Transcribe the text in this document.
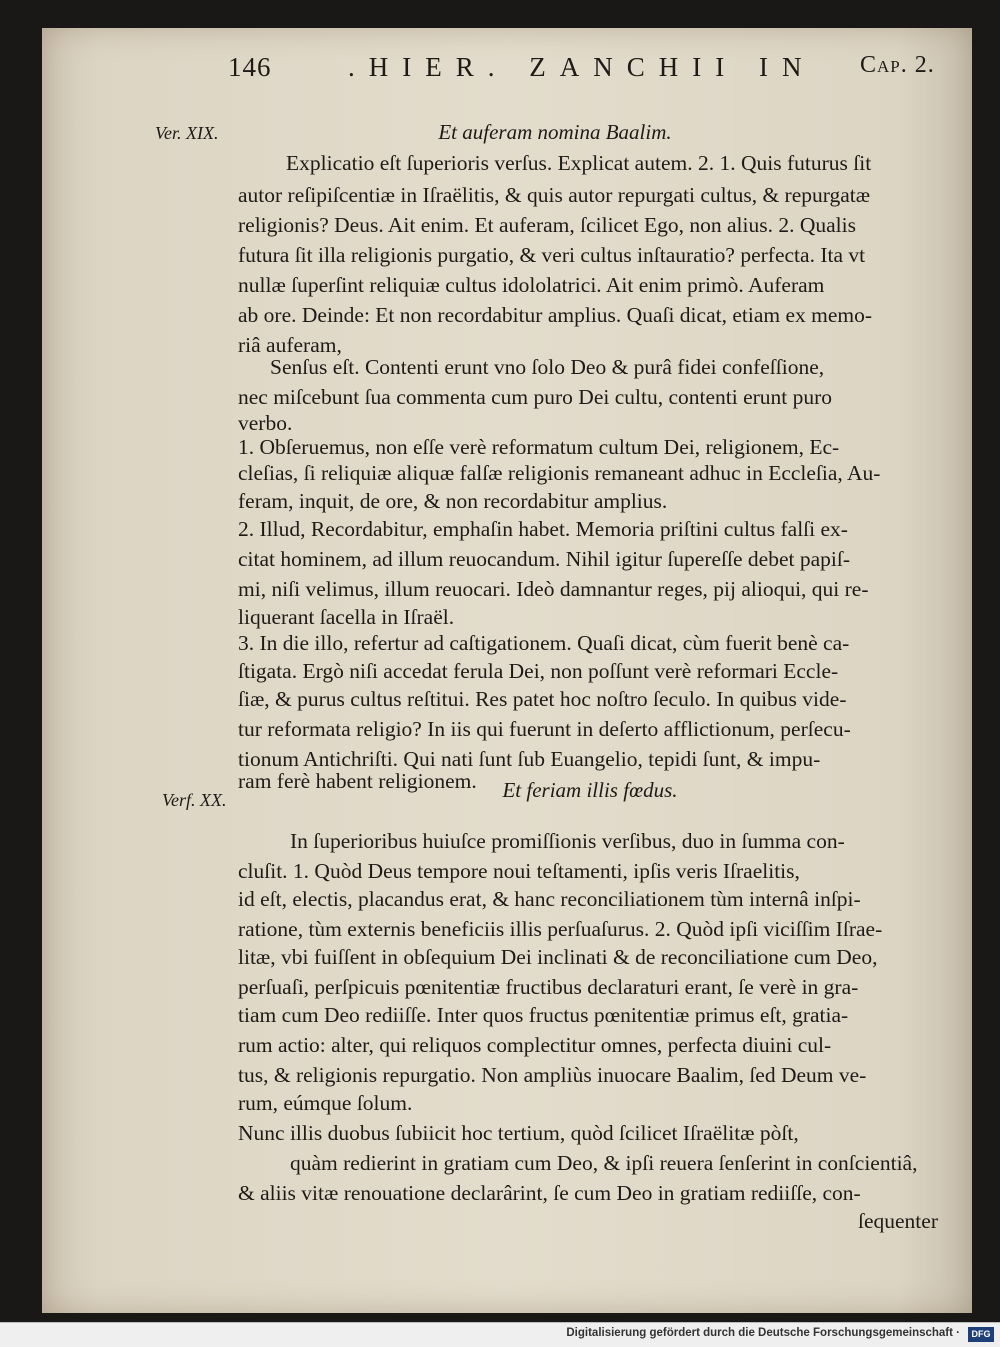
146	.HIER. ZANCHII IN Cap. 2.
Ver. XIX.	Et auferam nomina Baalim.
Verf. XX.	Et feriam illis fœdus.
Explicatio eſt ſuperioris verſus. Explicat autem. 2. 1. Quis futurus ſit
autor reſipiſcentiæ in Iſraëlitis, & quis autor repurgati cultus, & repurgatæ
religionis? Deus. Ait enim. Et auferam, ſcilicet Ego, non alius. 2. Qualis
futura ſit illa religionis purgatio, & veri cultus inſtauratio? perfecta. Ita vt
nullæ ſuperſint reliquiæ cultus idololatrici. Ait enim primò. Auferam
ab ore. Deinde: Et non recordabitur amplius. Quaſi dicat, etiam ex memo-
riâ auferam,
Senſus eſt. Contenti erunt vno ſolo Deo & purâ fidei confeſſione,
nec miſcebunt ſua commenta cum puro Dei cultu, contenti erunt puro
verbo.
1. Obſeruemus, non eſſe verè reformatum cultum Dei, religionem, Ec-
cleſias, ſi reliquiæ aliquæ falſæ religionis remaneant adhuc in Eccleſia, Au-
feram, inquit, de ore, & non recordabitur amplius.
2. Illud, Recordabitur, emphaſin habet. Memoria priſtini cultus falſi ex-
citat hominem, ad illum reuocandum. Nihil igitur ſupereſſe debet papiſ-
mi, niſi velimus, illum reuocari. Ideò damnantur reges, pij alioqui, qui re-
liquerant ſacella in Iſraël.
3. In die illo, refertur ad caſtigationem. Quaſi dicat, cùm fuerit benè ca-
ſtigata. Ergò niſi accedat ferula Dei, non poſſunt verè reformari Eccle-
ſiæ, & purus cultus reſtitui. Res patet hoc noſtro ſeculo. In quibus vide-
tur reformata religio? In iis qui fuerunt in deſerto afflictionum, perſecu-
tionum Antichriſti. Qui nati ſunt ſub Euangelio, tepidi ſunt, & impu-
ram ferè habent religionem.
In ſuperioribus huiuſce promiſſionis verſibus, duo in ſumma con-
cluſit. 1. Quòd Deus tempore noui teſtamenti, ipſis veris Iſraelitis,
id eſt, electis, placandus erat, & hanc reconciliationem tùm internâ inſpi-
ratione, tùm externis beneficiis illis perſuaſurus. 2. Quòd ipſi viciſſim Iſrae-
litæ, vbi fuiſſent in obſequium Dei inclinati & de reconciliatione cum Deo,
perſuaſi, perſpicuis pœnitentiæ fructibus declaraturi erant, ſe verè in gra-
tiam cum Deo rediiſſe. Inter quos fructus pœnitentiæ primus eſt, gratia-
rum actio: alter, qui reliquos complectitur omnes, perfecta diuini cul-
tus, & religionis repurgatio. Non ampliùs inuocare Baalim, ſed Deum ve-
rum, eúmque ſolum.
Nunc illis duobus ſubiicit hoc tertium, quòd ſcilicet Iſraëlitæ pòſt,
quàm redierint in gratiam cum Deo, & ipſi reuera ſenſerint in conſcientiâ,
& aliis vitæ renouatione declarârint, ſe cum Deo in gratiam rediiſſe, con-
ſequenter
Digitalisierung gefördert durch die Deutsche Forschungsgemeinschaft ·	DFG
